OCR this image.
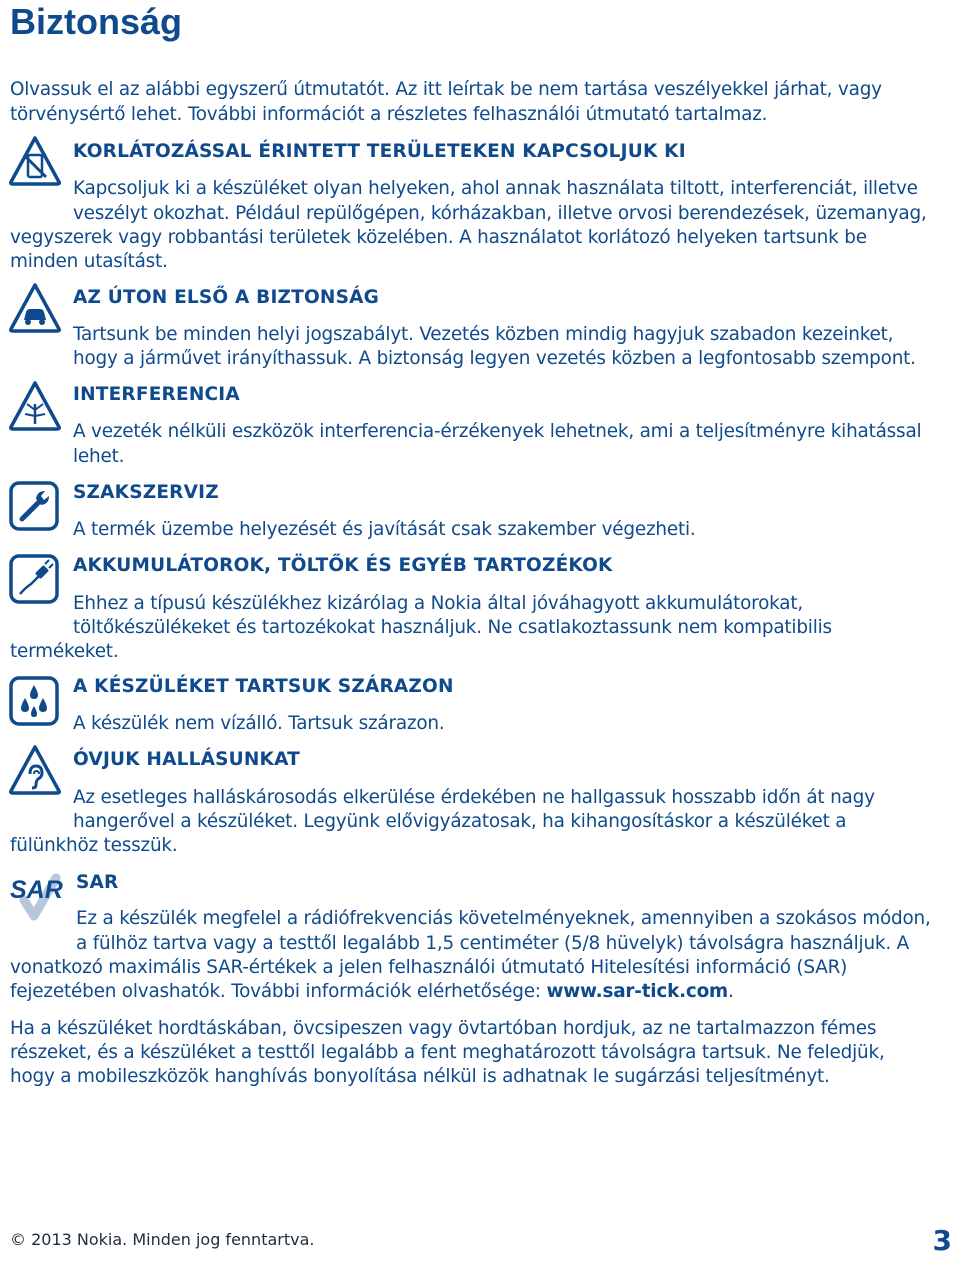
Biztonság
Olvassuk el az alábbi egyszerű útmutatót. Az itt leírtak be nem tartása veszélyekkel járhat, vagy
törvénysértő lehet. További információt a részletes felhasználói útmutató tartalmaz.
KORLÁTOZÁSSAL ÉRINTETT TERÜLETEKEN KAPCSOLJUK KI
Kapcsoljuk ki a készüléket olyan helyeken, ahol annak használata tiltott, interferenciát, illetve
veszélyt okozhat. Például repülőgépen, kórházakban, illetve orvosi berendezések, üzemanyag,
vegyszerek vagy robbantási területek közelében. A használatot korlátozó helyeken tartsunk be
minden utasítást.
AZ ÚTON ELSŐ A BIZTONSÁG
Tartsunk be minden helyi jogszabályt. Vezetés közben mindig hagyjuk szabadon kezeinket,
hogy a járművet irányíthassuk. A biztonság legyen vezetés közben a legfontosabb szempont.
INTERFERENCIA
A vezeték nélküli eszközök interferencia-érzékenyek lehetnek, ami a teljesítményre kihatással
lehet.
SZAKSZERVIZ
A termék üzembe helyezését és javítását csak szakember végezheti.
AKKUMULÁTOROK, TÖLTŐK ÉS EGYÉB TARTOZÉKOK
Ehhez a típusú készülékhez kizárólag a Nokia által jóváhagyott akkumulátorokat,
töltőkészülékeket és tartozékokat használjuk. Ne csatlakoztassunk nem kompatibilis
termékeket.
A KÉSZÜLÉKET TARTSUK SZÁRAZON
A készülék nem vízálló. Tartsuk szárazon.
ÓVJUK HALLÁSUNKAT
Az esetleges halláskárosodás elkerülése érdekében ne hallgassuk hosszabb időn át nagy
hangerővel a készüléket. Legyünk elővigyázatosak, ha kihangosításkor a készüléket a
fülünkhöz tesszük.
SAR SAR
Ez a készülék megfelel a rádiófrekvenciás követelményeknek, amennyiben a szokásos módon,
a fülhöz tartva vagy a testtől legalább 1,5 centiméter (5/8 hüvelyk) távolságra használjuk. A
vonatkozó maximális SAR-értékek a jelen felhasználói útmutató Hitelesítési információ (SAR)
fejezetében olvashatók. További információk elérhetősége: www.sar-tick.com.
Ha a készüléket hordtáskában, övcsipeszen vagy övtartóban hordjuk, az ne tartalmazzon fémes
részeket, és a készüléket a testtől legalább a fent meghatározott távolságra tartsuk. Ne feledjük,
hogy a mobileszközök hanghívás bonyolítása nélkül is adhatnak le sugárzási teljesítményt.
© 2013 Nokia. Minden jog fenntartva.	3
